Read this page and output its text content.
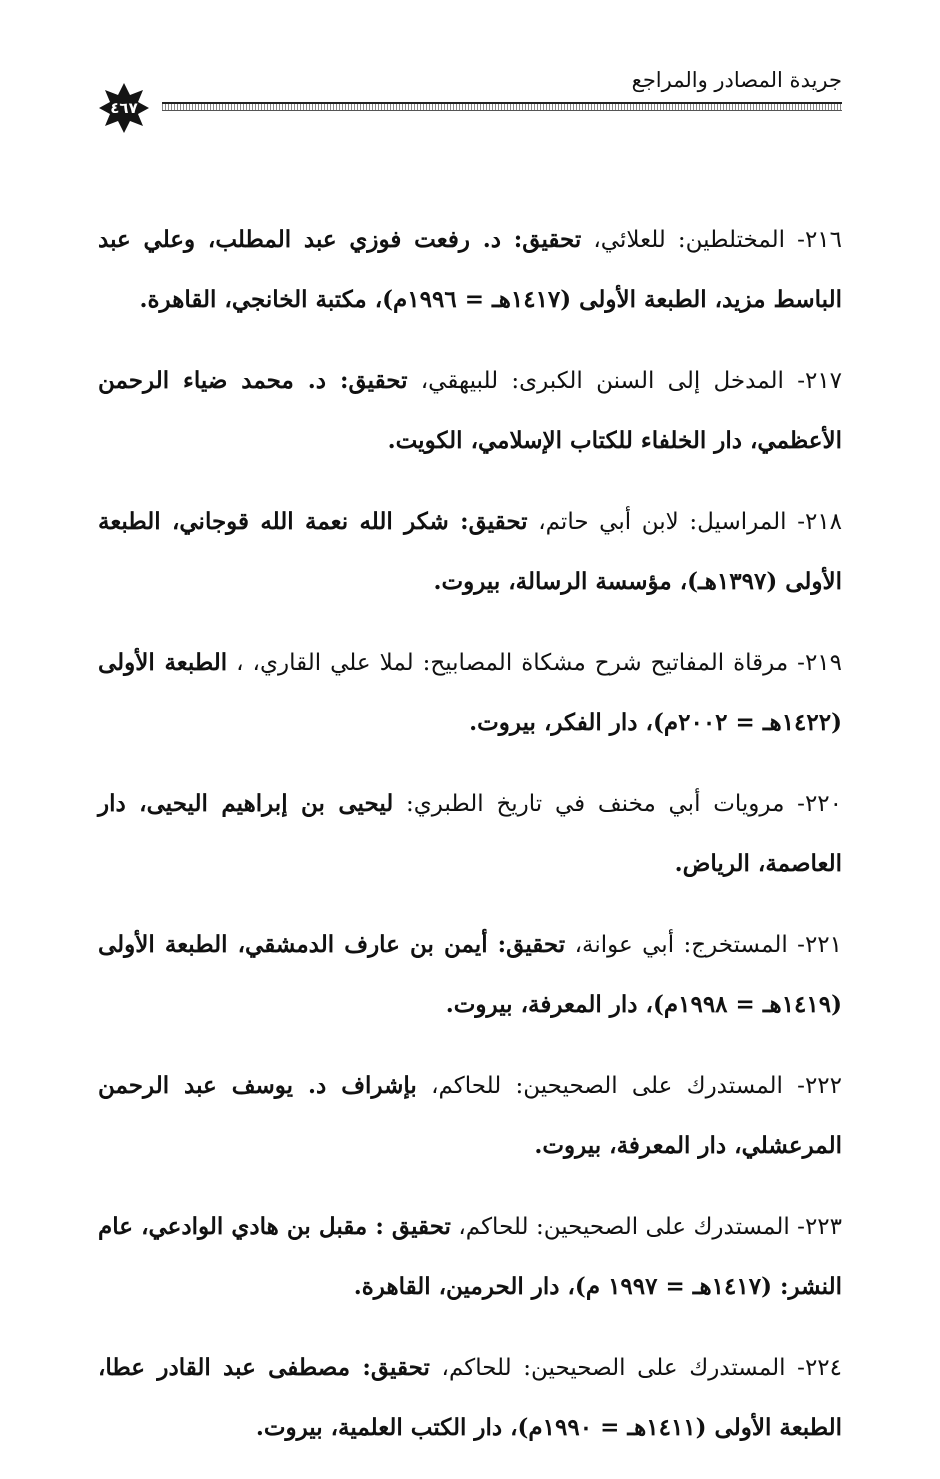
جريدة المصادر والمراجع
٤٦٧

٢١٦- المختلطين: للعلائي، تحقيق: د. رفعت فوزي عبد المطلب، وعلي عبد الباسط مزيد، الطبعة الأولى (١٤١٧هـ = ١٩٩٦م)، مكتبة الخانجي، القاهرة.

٢١٧- المدخل إلى السنن الكبرى: للبيهقي، تحقيق: د. محمد ضياء الرحمن الأعظمي، دار الخلفاء للكتاب الإسلامي، الكويت.

٢١٨- المراسيل: لابن أبي حاتم، تحقيق: شكر الله نعمة الله قوجاني، الطبعة الأولى (١٣٩٧هـ)، مؤسسة الرسالة، بيروت.

٢١٩- مرقاة المفاتيح شرح مشكاة المصابيح: لملا علي القاري، ، الطبعة الأولى (١٤٢٢هـ = ٢٠٠٢م)، دار الفكر، بيروت.

٢٢٠- مرويات أبي مخنف في تاريخ الطبري: ليحيى بن إبراهيم اليحيى، دار العاصمة، الرياض.

٢٢١- المستخرج: أبي عوانة، تحقيق: أيمن بن عارف الدمشقي، الطبعة الأولى (١٤١٩هـ = ١٩٩٨م)، دار المعرفة، بيروت.

٢٢٢- المستدرك على الصحيحين: للحاكم، بإشراف د. يوسف عبد الرحمن المرعشلي، دار المعرفة، بيروت.

٢٢٣- المستدرك على الصحيحين: للحاكم، تحقيق : مقبل بن هادي الوادعي، عام النشر: (١٤١٧هـ = ١٩٩٧ م)، دار الحرمين، القاهرة.

٢٢٤- المستدرك على الصحيحين: للحاكم، تحقيق: مصطفى عبد القادر عطا، الطبعة الأولى (١٤١١هـ = ١٩٩٠م)، دار الكتب العلمية، بيروت.
